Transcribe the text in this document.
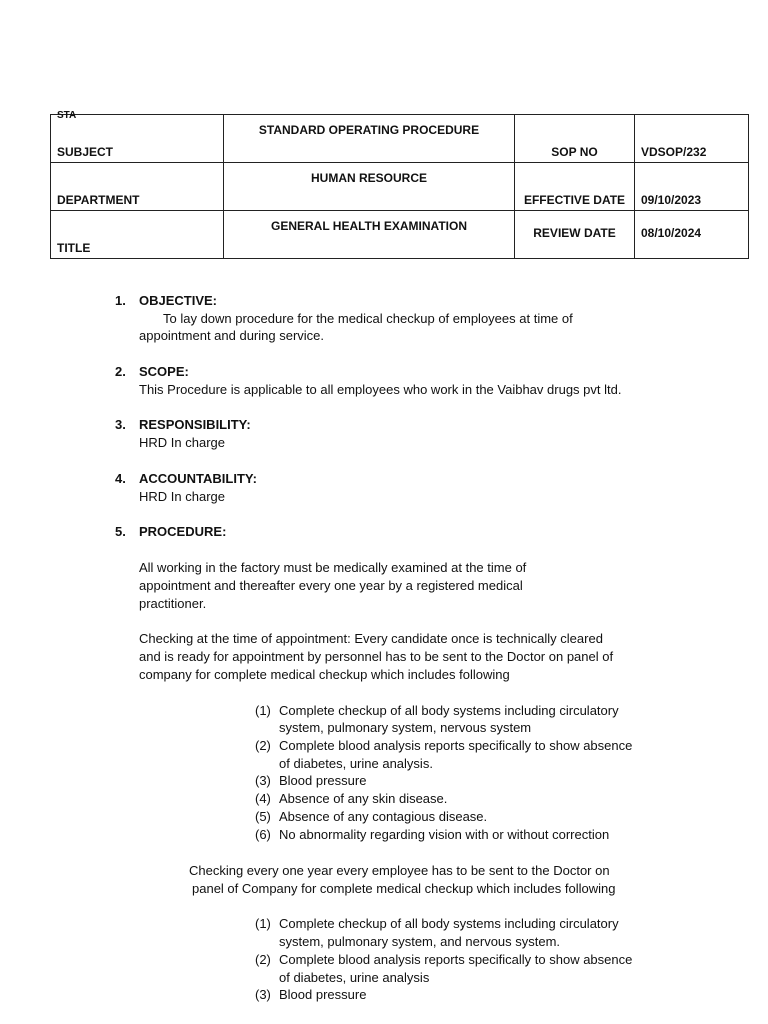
STA
SUBJECT	STANDARD OPERATING PROCEDURE	SOP NO	VDSOP/232

DEPARTMENT	HUMAN RESOURCE	EFFECTIVE DATE	09/10/2023

TITLE	GENERAL HEALTH EXAMINATION	REVIEW DATE	08/10/2024
1. OBJECTIVE:
To lay down procedure for the medical checkup of employees at time of
appointment and during service.
2. SCOPE:
This Procedure is applicable to all employees who work in the Vaibhav drugs pvt ltd.
3. RESPONSIBILITY:
HRD In charge
4. ACCOUNTABILITY:
HRD In charge
5. PROCEDURE:
All working in the factory must be medically examined at the time of
appointment and thereafter every one year by a registered medical
practitioner.
Checking at the time of appointment: Every candidate once is technically cleared
and is ready for appointment by personnel has to be sent to the Doctor on panel of
company for complete medical checkup which includes following
(1) Complete checkup of all body systems including circulatory
system, pulmonary system, nervous system
(2) Complete blood analysis reports specifically to show absence
of diabetes, urine analysis.
(3) Blood pressure
(4) Absence of any skin disease.
(5) Absence of any contagious disease.
(6) No abnormality regarding vision with or without correction
Checking every one year every employee has to be sent to the Doctor on
panel of Company for complete medical checkup which includes following
(1) Complete checkup of all body systems including circulatory
system, pulmonary system, and nervous system.
(2) Complete blood analysis reports specifically to show absence
of diabetes, urine analysis
(3) Blood pressure
